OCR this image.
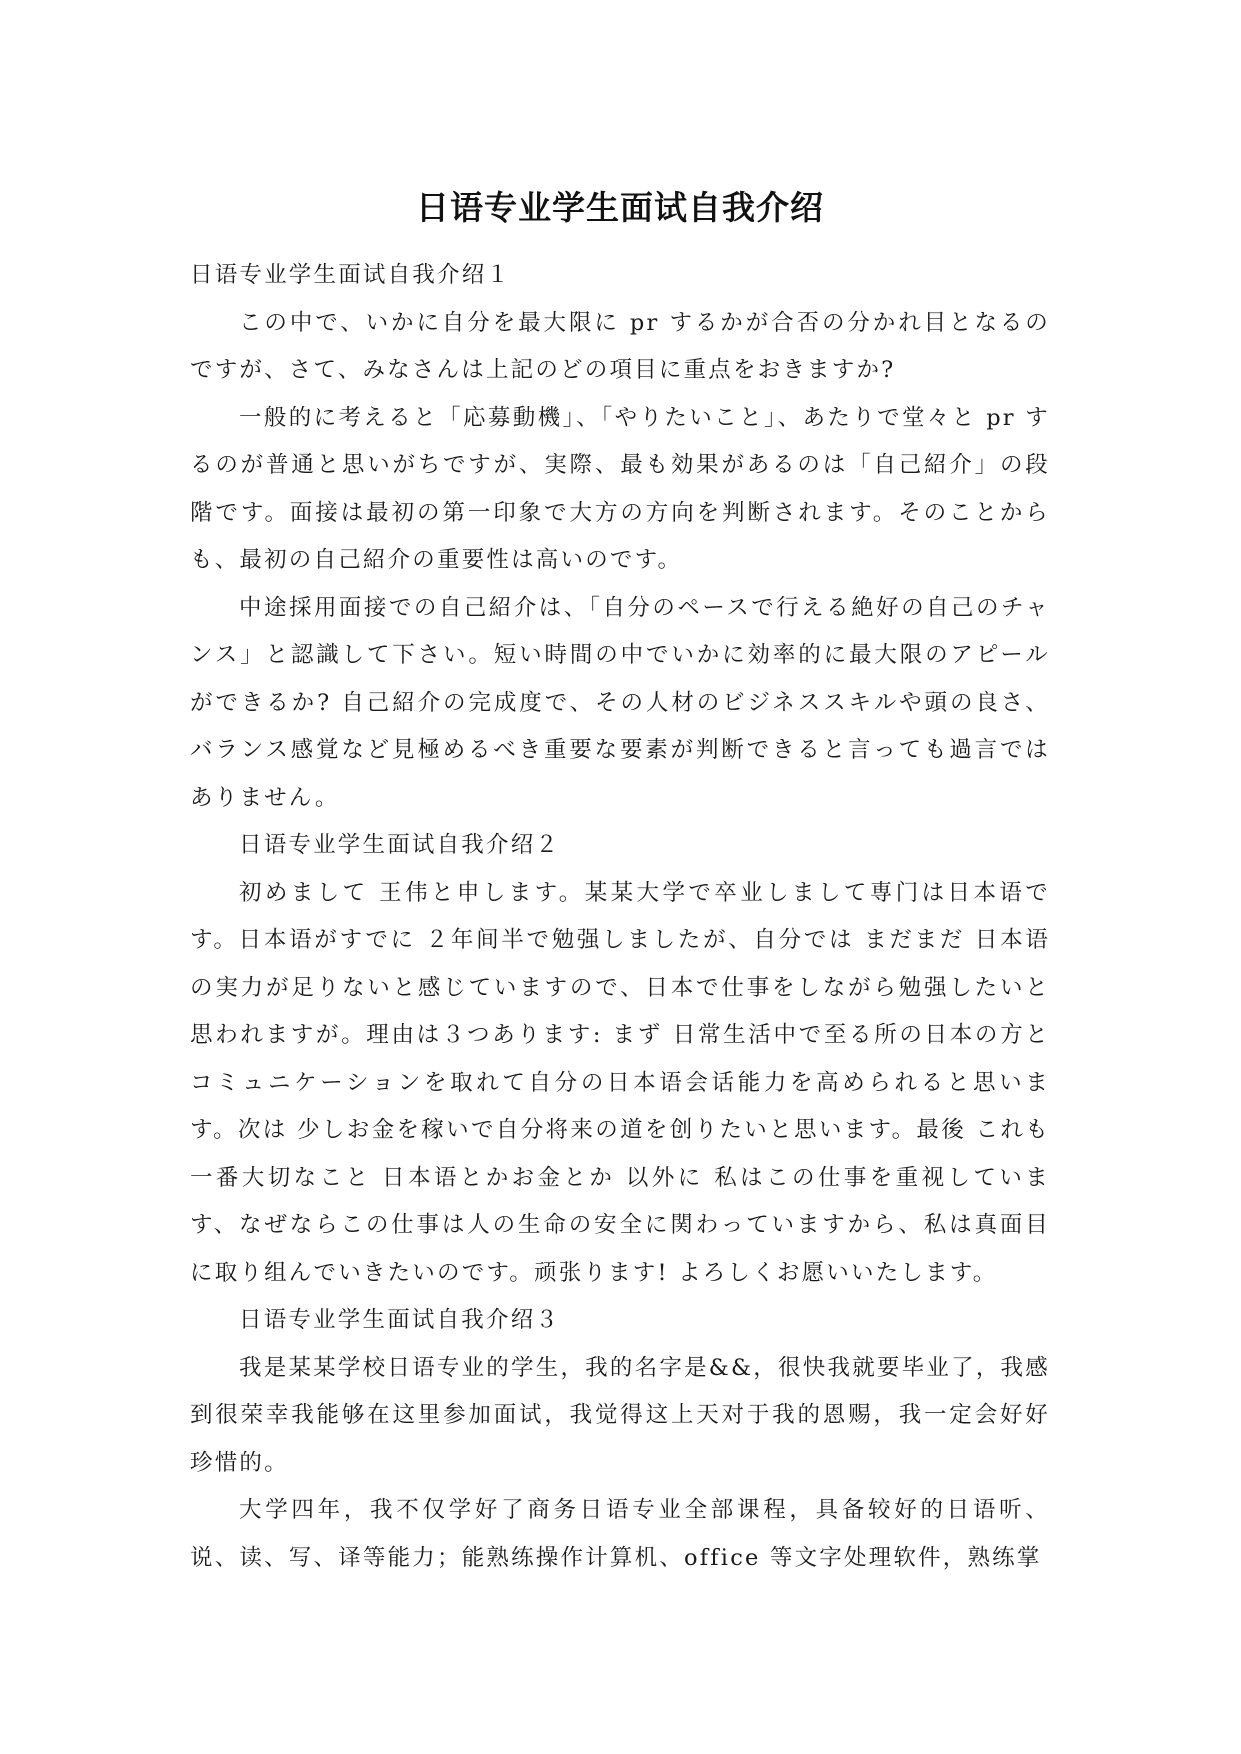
日语专业学生面试自我介绍

日语专业学生面试自我介绍１

この中で、いかに自分を最大限に pr するかが合否の分かれ目となるのですが、さて、みなさんは上記のどの項目に重点をおきますか?

一般的に考えると「応募動機」、「やりたいこと」、あたりで堂々と pr するのが普通と思いがちですが、実際、最も効果があるのは「自己紹介」の段階です。面接は最初の第一印象で大方の方向を判断されます。そのことからも、最初の自己紹介の重要性は高いのです。

中途採用面接での自己紹介は、「自分のペースで行える絶好の自己のチャンス」と認識して下さい。短い時間の中でいかに効率的に最大限のアピールができるか? 自己紹介の完成度で、その人材のビジネススキルや頭の良さ、バランス感覚など見極めるべき重要な要素が判断できると言っても過言ではありません。

日语专业学生面试自我介绍２

初めまして 王伟と申します。某某大学で卒业しまして専门は日本语です。日本语がすでに ２年间半で勉强しましたが、自分では まだまだ 日本语の実力が足りないと感じていますので、日本で仕事をしながら勉强したいと思われますが。理由は３つあります: まず 日常生活中で至る所の日本の方とコミュニケーションを取れて自分の日本语会话能力を高められると思います。次は 少しお金を稼いで自分将来の道を创りたいと思います。最後 これも一番大切なこと 日本语とかお金とか 以外に 私はこの仕事を重视しています、なぜならこの仕事は人の生命の安全に関わっていますから、私は真面目に取り组んでいきたいのです。顽张ります! よろしくお愿いいたします。

日语专业学生面试自我介绍３

我是某某学校日语专业的学生，我的名字是&&，很快我就要毕业了，我感到很荣幸我能够在这里参加面试，我觉得这上天对于我的恩赐，我一定会好好珍惜的。

大学四年，我不仅学好了商务日语专业全部课程，具备较好的日语听、说、读、写、译等能力；能熟练操作计算机、office 等文字处理软件，熟练掌
